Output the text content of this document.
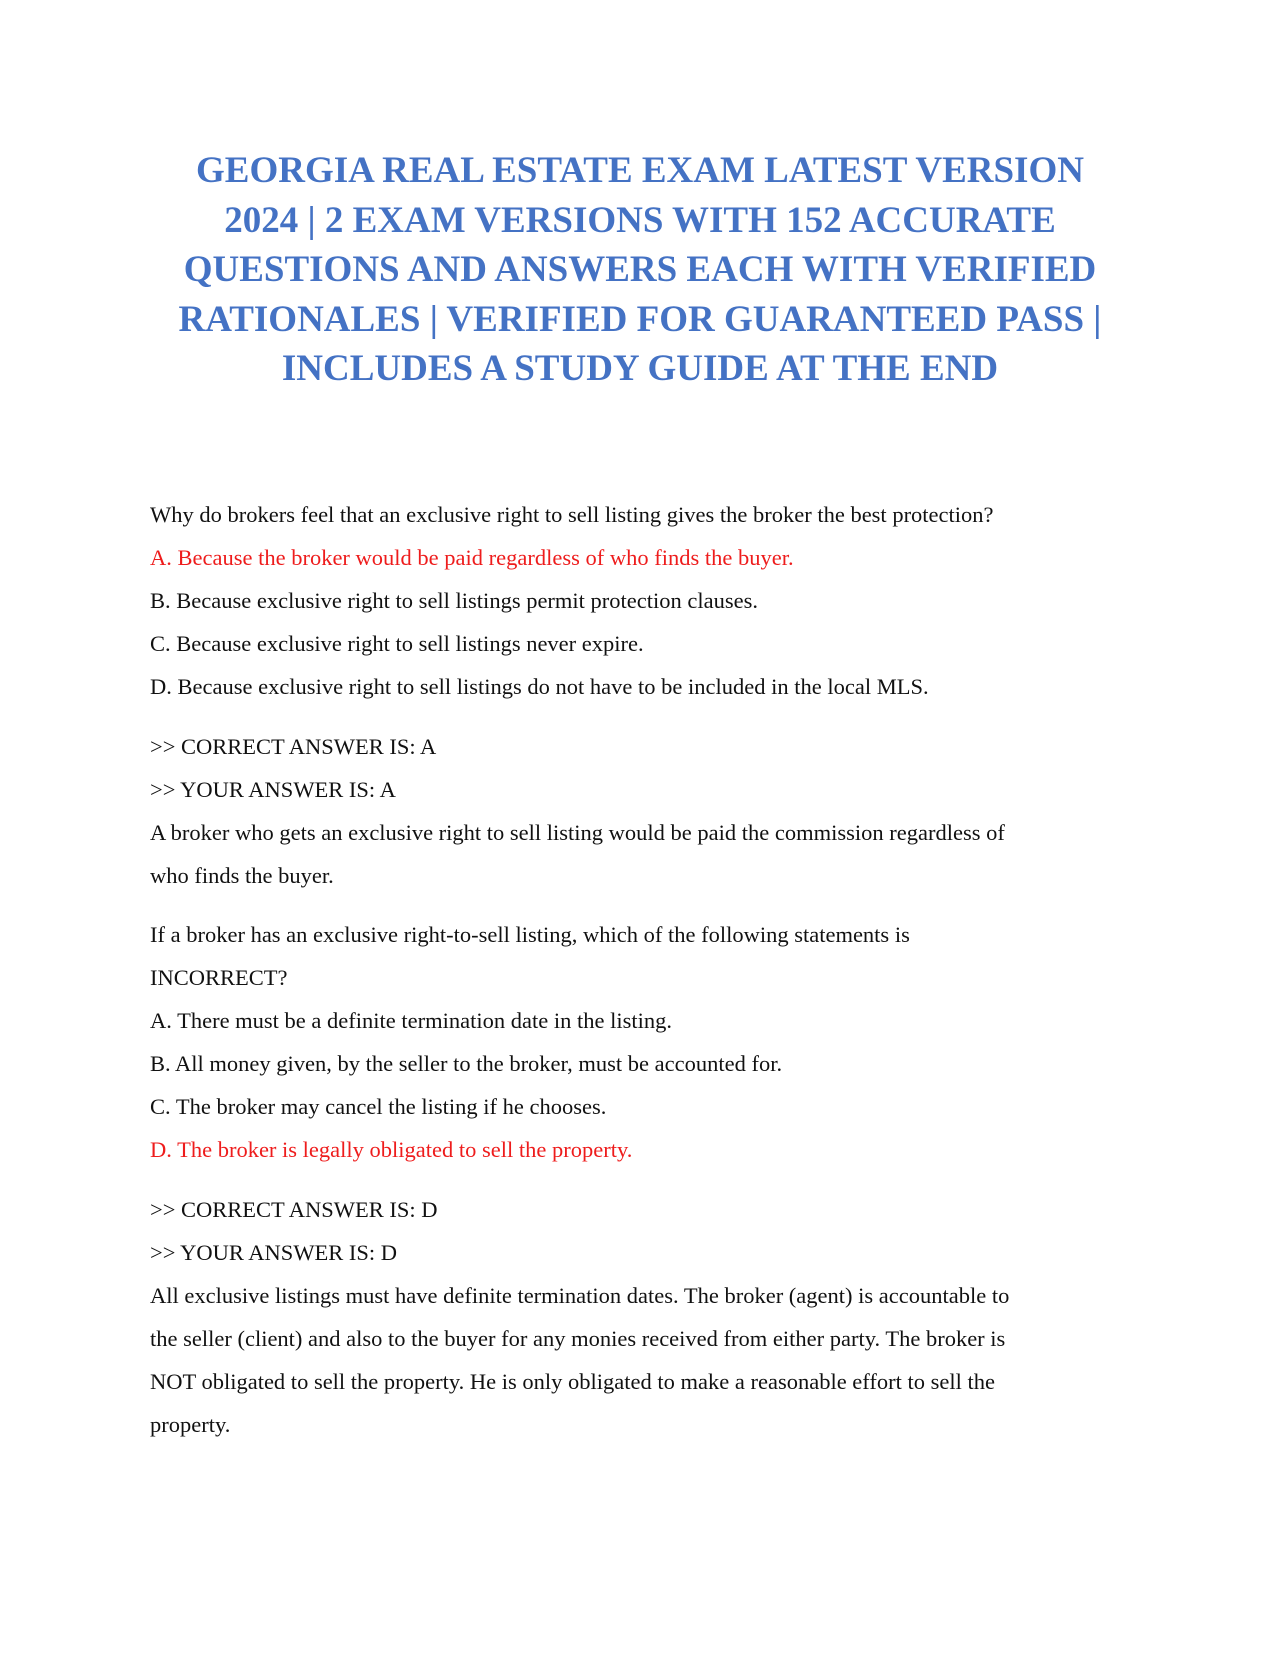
GEORGIA REAL ESTATE EXAM LATEST VERSION
2024 | 2 EXAM VERSIONS WITH 152 ACCURATE
QUESTIONS AND ANSWERS EACH WITH VERIFIED
RATIONALES | VERIFIED FOR GUARANTEED PASS |
INCLUDES A STUDY GUIDE AT THE END
Why do brokers feel that an exclusive right to sell listing gives the broker the best protection?
A. Because the broker would be paid regardless of who finds the buyer.
B. Because exclusive right to sell listings permit protection clauses.
C. Because exclusive right to sell listings never expire.
D. Because exclusive right to sell listings do not have to be included in the local MLS.
>> CORRECT ANSWER IS: A
>> YOUR ANSWER IS: A
A broker who gets an exclusive right to sell listing would be paid the commission regardless of
who finds the buyer.
If a broker has an exclusive right-to-sell listing, which of the following statements is
INCORRECT?
A. There must be a definite termination date in the listing.
B. All money given, by the seller to the broker, must be accounted for.
C. The broker may cancel the listing if he chooses.
D. The broker is legally obligated to sell the property.
>> CORRECT ANSWER IS: D
>> YOUR ANSWER IS: D
All exclusive listings must have definite termination dates. The broker (agent) is accountable to
the seller (client) and also to the buyer for any monies received from either party. The broker is
NOT obligated to sell the property. He is only obligated to make a reasonable effort to sell the
property.
